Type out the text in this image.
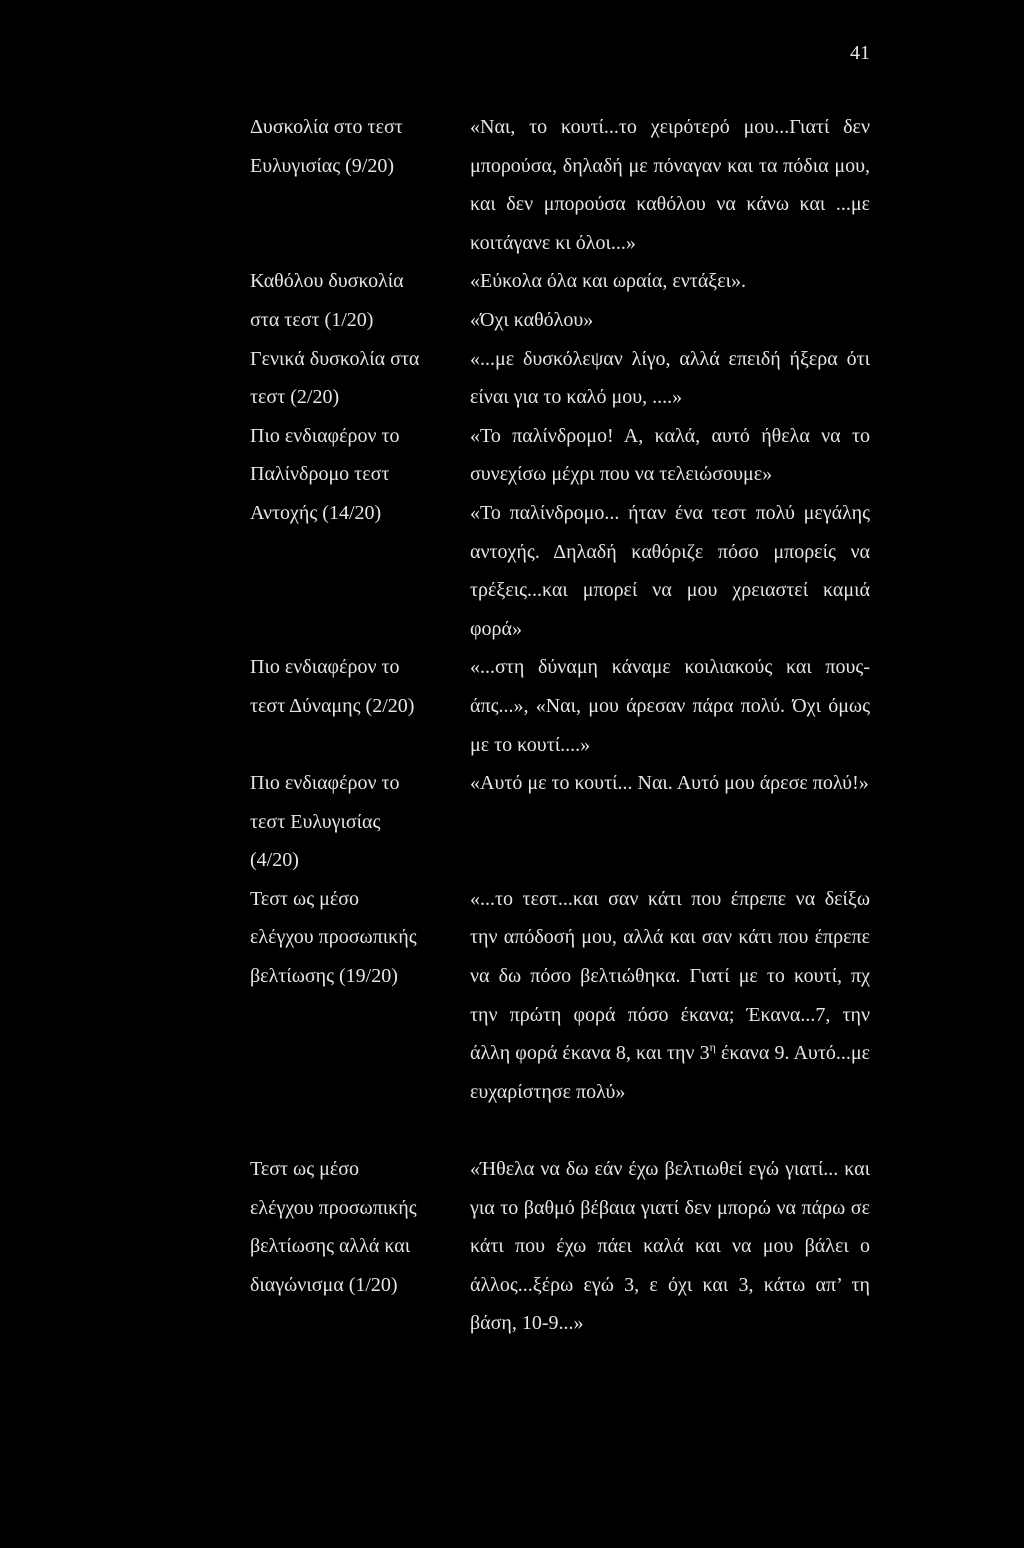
41
Δυσκολία στο τεστ
Ευλυγισίας (9/20)
«Ναι, το κουτί...το χειρότερό μου...Γιατί δεν μπορούσα, δηλαδή με πόναγαν και τα πόδια μου, και δεν μπορούσα καθόλου να κάνω και ...με κοιτάγανε κι όλοι...»
Καθόλου δυσκολία
στα τεστ (1/20)
«Εύκολα όλα και ωραία, εντάξει».
«Όχι καθόλου»
Γενικά δυσκολία στα
τεστ (2/20)
«...με δυσκόλεψαν λίγο, αλλά επειδή ήξερα ότι είναι για το καλό μου, ....»
Πιο ενδιαφέρον το
Παλίνδρομο τεστ
Αντοχής (14/20)
«Το παλίνδρομο! Α, καλά, αυτό ήθελα να το συνεχίσω μέχρι που να τελειώσουμε»
«Το παλίνδρομο... ήταν ένα τεστ πολύ μεγάλης αντοχής. Δηλαδή καθόριζε πόσο μπορείς να τρέξεις...και μπορεί να μου χρειαστεί καμιά φορά»
Πιο ενδιαφέρον το
τεστ Δύναμης (2/20)
«...στη δύναμη κάναμε κοιλιακούς και πους-άπς...», «Ναι, μου άρεσαν πάρα πολύ. Όχι όμως με το κουτί....»
Πιο ενδιαφέρον το
τεστ Ευλυγισίας
(4/20)
«Αυτό με το κουτί... Ναι. Αυτό μου άρεσε πολύ!»
Τεστ ως μέσο
ελέγχου προσωπικής
βελτίωσης (19/20)
«...το τεστ...και σαν κάτι που έπρεπε να δείξω την απόδοσή μου, αλλά και σαν κάτι που έπρεπε να δω πόσο βελτιώθηκα. Γιατί με το κουτί, πχ την πρώτη φορά πόσο έκανα; Έκανα...7, την άλλη φορά έκανα 8, και την $3^\eta$ έκανα 9. Αυτό...με ευχαρίστησε πολύ»
Τεστ ως μέσο
ελέγχου προσωπικής
βελτίωσης αλλά και
διαγώνισμα (1/20)
«Ήθελα να δω εάν έχω βελτιωθεί εγώ γιατί... και για το βαθμό βέβαια γιατί δεν μπορώ να πάρω σε κάτι που έχω πάει καλά και να μου βάλει ο άλλος...ξέρω εγώ 3, ε όχι και 3, κάτω απ’ τη βάση, 10-9...»
